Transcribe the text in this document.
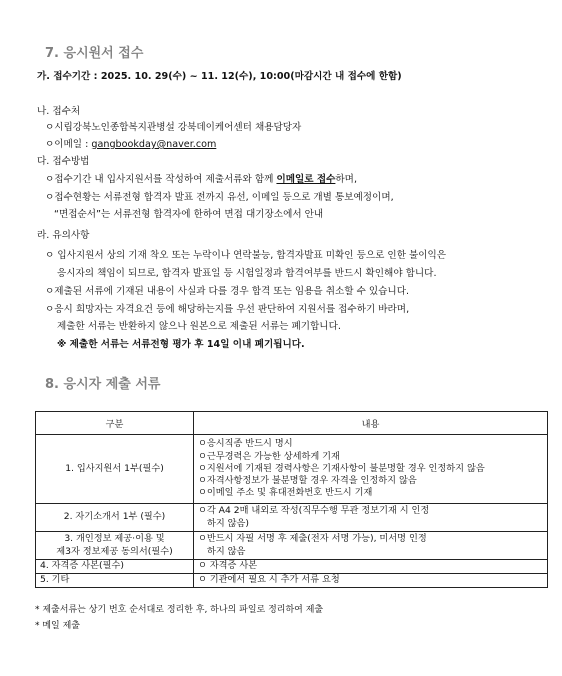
7. 응시원서 접수
가. 접수기간 : 2025. 10. 29(수) ~ 11. 12(수), 10:00(마감시간 내 접수에 한함)
나. 접수처
ㅇ시립강북노인종합복지관병설 강북데이케어센터 채용담당자
ㅇ이메일 : gangbookday@naver.com
다. 접수방법
ㅇ접수기간 내 입사지원서를 작성하여 제출서류와 함께 이메일로 접수하며,
ㅇ접수현황는 서류전형 합격자 발표 전까지 유선, 이메일 등으로 개별 통보예정이며,
“면접순서”는 서류전형 합격자에 한하여 면접 대기장소에서 안내
라. 유의사항
ㅇ 입사지원서 상의 기재 착오 또는 누락이나 연락불능, 합격자발표 미확인 등으로 인한 불이익은
응시자의 책임이 되므로, 합격자 발표일 등 시험일정과 합격여부를 반드시 확인해야 합니다.
ㅇ제출된 서류에 기재된 내용이 사실과 다를 경우 합격 또는 임용을 취소할 수 있습니다.
ㅇ응시 희망자는 자격요건 등에 해당하는지를 우선 판단하여 지원서를 접수하기 바라며,
제출한 서류는 반환하지 않으나 원본으로 제출된 서류는 폐기합니다.
※ 제출한 서류는 서류전형 평가 후 14일 이내 폐기됩니다.
8. 응시자 제출 서류
구분	내용

1. 입사지원서 1부(필수)	ㅇ응시직종 반드시 명시
ㅇ근무경력은 가능한 상세하게 기재
ㅇ지원서에 기재된 경력사항은 기재사항이 불분명할 경우 인정하지 않음
ㅇ자격사항정보가 불분명할 경우 자격을 인정하지 않음
ㅇ이메일 주소 및 휴대전화번호 반드시 기재

2. 자기소개서 1부 (필수)	ㅇ각 A4 2매 내외로 작성(직무수행 무관 정보기재 시 인정
하지 않음)

3. 개인정보 제공·이용 및
제3자 정보제공 동의서(필수)	ㅇ반드시 자필 서명 후 제출(전자 서명 가능), 미서명 인정
하지 않음

4. 자격증 사본(필수)	ㅇ 자격증 사본

5. 기타	ㅇ 기관에서 필요 시 추가 서류 요청
* 제출서류는 상기 번호 순서대로 정리한 후, 하나의 파일로 정리하여 제출
* 메일 제출
